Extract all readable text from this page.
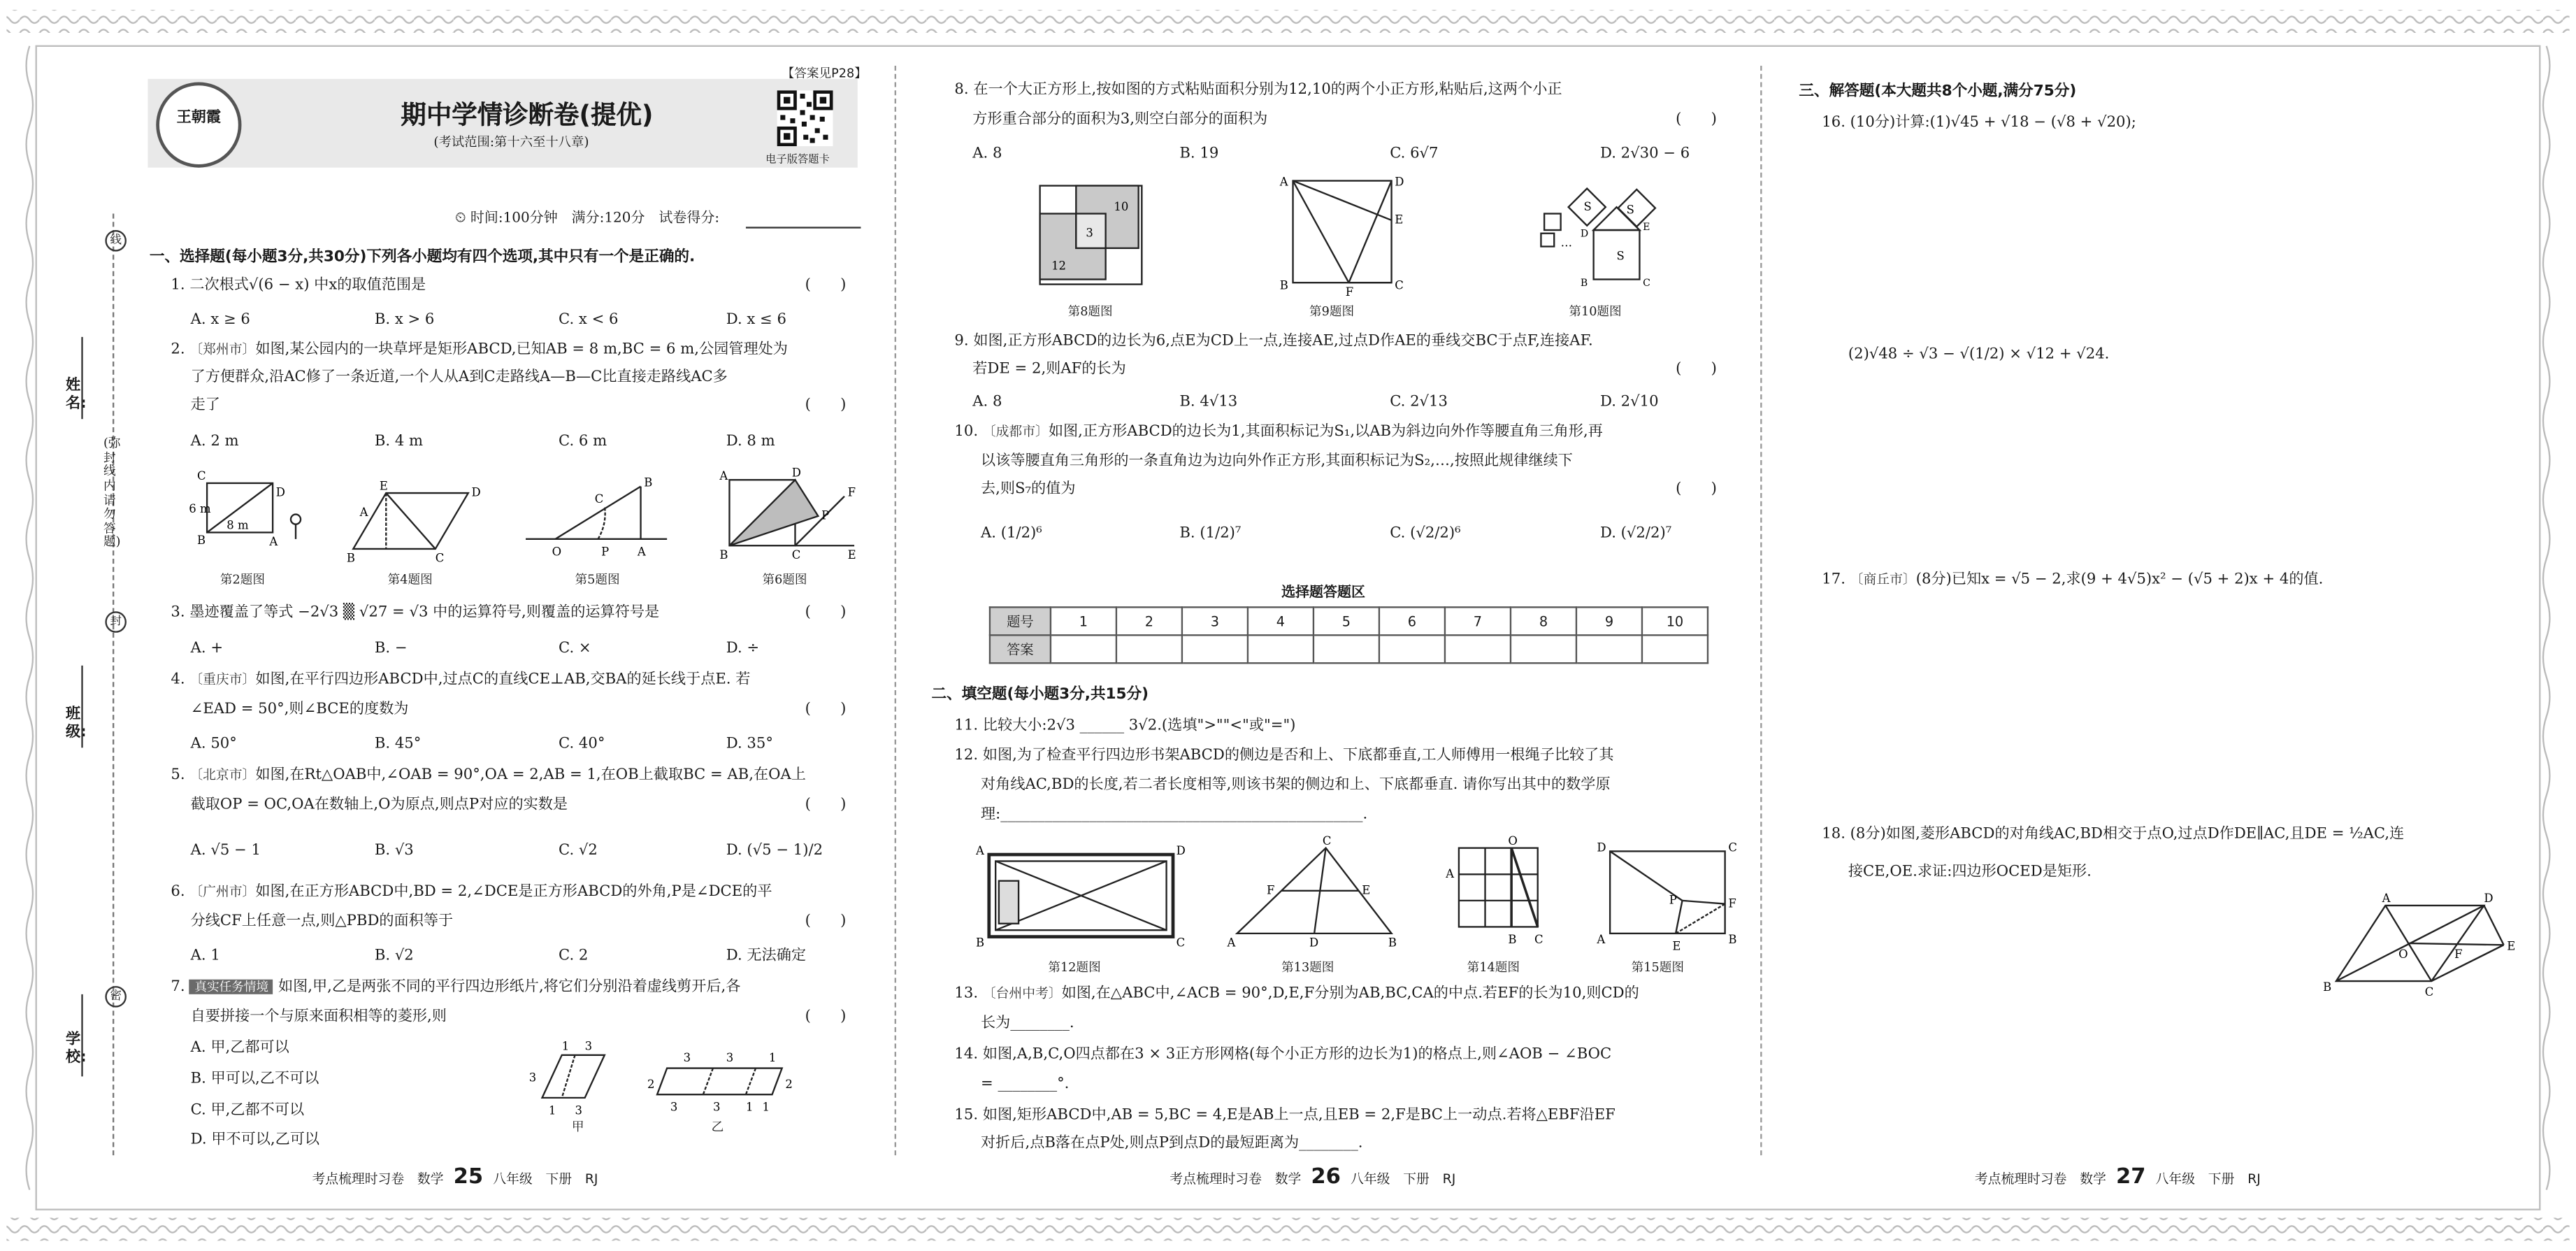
姓名:
班级:
学校:
(弥封线内请勿答题)
线
封
密
王朝霞
【答案见P28】
期中学情诊断卷(提优)
(考试范围:第十六至十八章)
电子版答题卡
⏲ 时间:100分钟　满分:120分　试卷得分:
一、选择题(每小题3分,共30分)下列各小题均有四个选项,其中只有一个是正确的.
1. 二次根式√(6 − x) 中x的取值范围是	(　　)
A. x ≥ 6	B. x > 6	C. x < 6	D. x ≤ 6
2. 〔郑州市〕如图,某公园内的一块草坪是矩形ABCD,已知AB = 8 m,BC = 6 m,公园管理处为
了方便群众,沿AC修了一条近道,一个人从A到C走路线A—B—C比直接走路线AC多
走了	(　　)
A. 2 m	B. 4 m	C. 6 m	D. 8 m
C
D
B	A
6 m
8 m
E
A
D
B	C	O	P	A
B
C
A	D
B	C
P
F
E
第2题图	第4题图	第5题图	第6题图
3. 墨迹覆盖了等式 −2√3 ▒ √27 = √3 中的运算符号,则覆盖的运算符号是	(　　)
A. +	B. −	C. ×	D. ÷
4. 〔重庆市〕如图,在平行四边形ABCD中,过点C的直线CE⊥AB,交BA的延长线于点E. 若
∠EAD = 50°,则∠BCE的度数为	(　　)
A. 50°	B. 45°	C. 40°	D. 35°
5. 〔北京市〕如图,在Rt△OAB中,∠OAB = 90°,OA = 2,AB = 1,在OB上截取BC = AB,在OA上
截取OP = OC,OA在数轴上,O为原点,则点P对应的实数是	(　　)
A. √5 − 1	B. √3	C. √2	D. (√5 − 1)/2
6. 〔广州市〕如图,在正方形ABCD中,BD = 2,∠DCE是正方形ABCD的外角,P是∠DCE的平
分线CF上任意一点,则△PBD的面积等于	(　　)
A. 1	B. √2	C. 2	D. 无法确定
7. 真实任务情境 如图,甲,乙是两张不同的平行四边形纸片,将它们分别沿着虚线剪开后,各
自要拼接一个与原来面积相等的菱形,则	(　　)
A. 甲,乙都可以
B. 甲可以,乙不可以
C. 甲,乙都不可以
D. 甲不可以,乙可以
1	3
3
1	3
3	3	1
2	2
3	3	1 1
甲	乙
考点梳理时习卷　数学 25 八年级　下册　RJ
8. 在一个大正方形上,按如图的方式粘贴面积分别为12,10的两个小正方形,粘贴后,这两个小正
方形重合部分的面积为3,则空白部分的面积为	(　　)
A. 8	B. 19	C. 6√7	D. 2√30 − 6
10
3
12
A	D
E
B	C
F
S
S	S
D
E
B	C
…
第8题图	第9题图	第10题图
9. 如图,正方形ABCD的边长为6,点E为CD上一点,连接AE,过点D作AE的垂线交BC于点F,连接AF.
若DE = 2,则AF的长为	(　　)
A. 8	B. 4√13	C. 2√13	D. 2√10
10. 〔成都市〕如图,正方形ABCD的边长为1,其面积标记为S₁,以AB为斜边向外作等腰直角三角形,再
以该等腰直角三角形的一条直角边为边向外作正方形,其面积标记为S₂,…,按照此规律继续下
去,则S₇的值为	(　　)
A. (1/2)⁶	B. (1/2)⁷	C. (√2/2)⁶	D. (√2/2)⁷
选择题答题区
题号	1	2	3	4	5	6	7	8	9	10
答案										
二、填空题(每小题3分,共15分)
11. 比较大小:2√3 ______ 3√2.(选填">""<"或"=")
12. 如图,为了检查平行四边形书架ABCD的侧边是否和上、下底都垂直,工人师傅用一根绳子比较了其
对角线AC,BD的长度,若二者长度相等,则该书架的侧边和上、下底都垂直. 请你写出其中的数学原
理:_________________________________________________.
A	D
B	C
C
F	E
A	D	B
O
A
B	C
D	C
P	F
A	E	B
第12题图	第13题图	第14题图	第15题图
13. 〔台州中考〕如图,在△ABC中,∠ACB = 90°,D,E,F分别为AB,BC,CA的中点.若EF的长为10,则CD的
长为________.
14. 如图,A,B,C,O四点都在3 × 3正方形网格(每个小正方形的边长为1)的格点上,则∠AOB − ∠BOC
= ________°.
15. 如图,矩形ABCD中,AB = 5,BC = 4,E是AB上一点,且EB = 2,F是BC上一动点.若将△EBF沿EF
对折后,点B落在点P处,则点P到点D的最短距离为________.
考点梳理时习卷　数学 26 八年级　下册　RJ
三、解答题(本大题共8个小题,满分75分)
16. (10分)计算:(1)√45 + √18 − (√8 + √20);
(2)√48 ÷ √3 − √(1/2) × √12 + √24.
17. 〔商丘市〕(8分)已知x = √5 − 2,求(9 + 4√5)x² − (√5 + 2)x + 4的值.
18. (8分)如图,菱形ABCD的对角线AC,BD相交于点O,过点D作DE∥AC,且DE = ½AC,连
接CE,OE.求证:四边形OCED是矩形.
A	D
E
O	F
B	C
考点梳理时习卷　数学 27 八年级　下册　RJ
